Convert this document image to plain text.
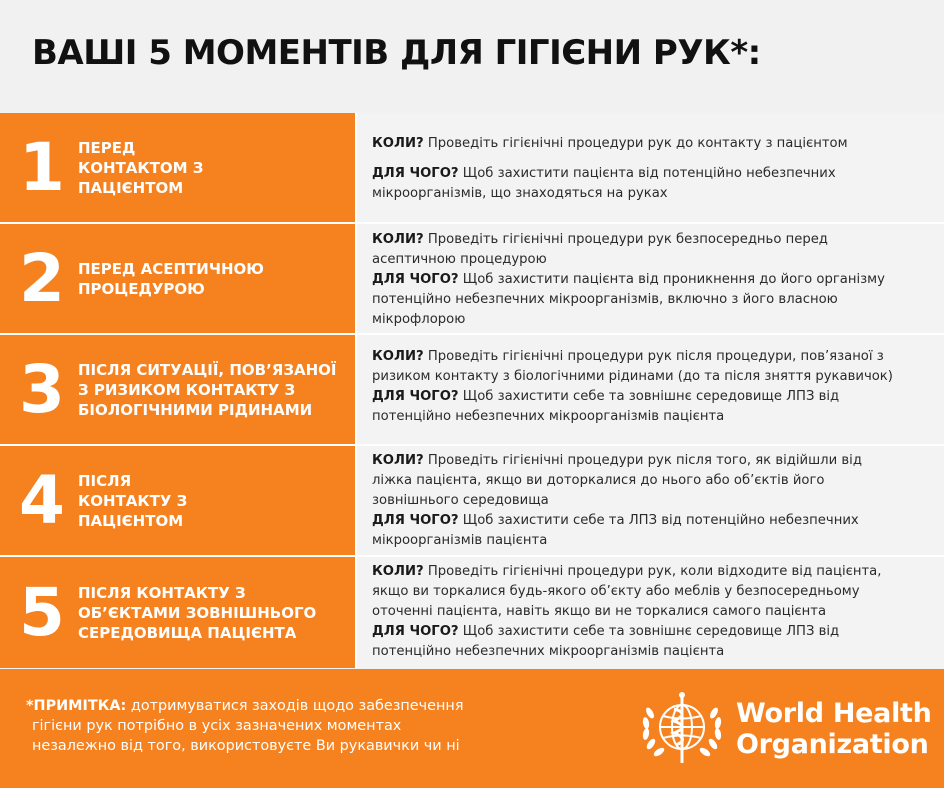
ВАШІ 5 МОМЕНТІВ ДЛЯ ГІГІЄНИ РУК*:
1 ПЕРЕД
КОНТАКТОМ З
ПАЦІЄНТОМ

КОЛИ? Проведіть гігієнічні процедури рук до контакту з пацієнтом

ДЛЯ ЧОГО? Щоб захистити пацієнта від потенційно небезпечних
мікроорганізмів, що знаходяться на руках

2 ПЕРЕД АСЕПТИЧНОЮ
ПРОЦЕДУРОЮ

КОЛИ? Проведіть гігієнічні процедури рук безпосередньо перед
асептичною процедурою

ДЛЯ ЧОГО? Щоб захистити пацієнта від проникнення до його організму
потенційно небезпечних мікроорганізмів, включно з його власною
мікрофлорою

3 ПІСЛЯ СИТУАЦІЇ, ПОВ’ЯЗАНОЇ
З РИЗИКОМ КОНТАКТУ З
БІОЛОГІЧНИМИ РІДИНАМИ

КОЛИ? Проведіть гігієнічні процедури рук після процедури, пов’язаної з
ризиком контакту з біологічними рідинами (до та після зняття рукавичок)

ДЛЯ ЧОГО? Щоб захистити себе та зовнішнє середовище ЛПЗ від
потенційно небезпечних мікроорганізмів пацієнта

4 ПІСЛЯ
КОНТАКТУ З
ПАЦІЄНТОМ

КОЛИ? Проведіть гігієнічні процедури рук після того, як відійшли від
ліжка пацієнта, якщо ви доторкалися до нього або об’єктів його
зовнішнього середовища

ДЛЯ ЧОГО? Щоб захистити себе та ЛПЗ від потенційно небезпечних
мікроорганізмів пацієнта

5 ПІСЛЯ КОНТАКТУ З
ОБ’ЄКТАМИ ЗОВНІШНЬОГО
СЕРЕДОВИЩА ПАЦІЄНТА

КОЛИ? Проведіть гігієнічні процедури рук, коли відходите від пацієнта,
якщо ви торкалися будь-якого об’єкту або меблів у безпосередньому
оточенні пацієнта, навіть якщо ви не торкалися самого пацієнта

ДЛЯ ЧОГО? Щоб захистити себе та зовнішнє середовище ЛПЗ від
потенційно небезпечних мікроорганізмів пацієнта

*ПРИМІТКА: дотримуватися заходів щодо забезпечення
гігієни рук потрібно в усіх зазначених моментах
незалежно від того, використовуєте Ви рукавички чи ні
World Health
Organization
